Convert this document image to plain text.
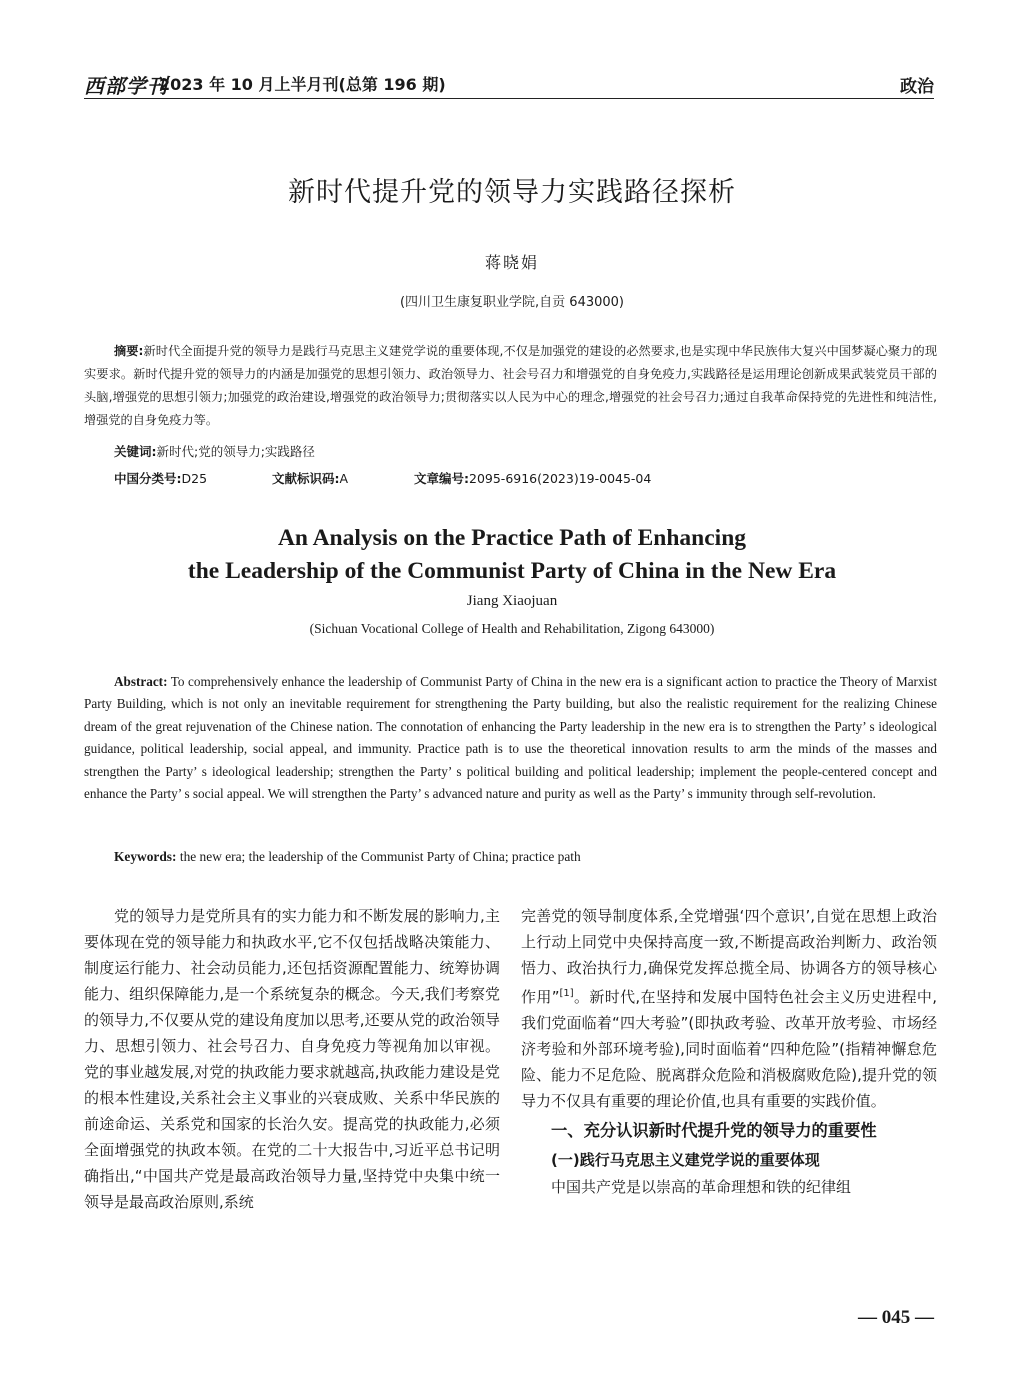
西部学刊
2023 年 10 月上半月刊(总第 196 期)	政治
新时代提升党的领导力实践路径探析
蒋晓娟
(四川卫生康复职业学院,自贡 643000)
摘要:新时代全面提升党的领导力是践行马克思主义建党学说的重要体现,不仅是加强党的建设的必然要求,也是实现中华民族伟大复兴中国梦凝心聚力的现实要求。新时代提升党的领导力的内涵是加强党的思想引领力、政治领导力、社会号召力和增强党的自身免疫力,实践路径是运用理论创新成果武装党员干部的头脑,增强党的思想引领力;加强党的政治建设,增强党的政治领导力;贯彻落实以人民为中心的理念,增强党的社会号召力;通过自我革命保持党的先进性和纯洁性,增强党的自身免疫力等。
关键词:新时代;党的领导力;实践路径
中国分类号:D25	文献标识码:A	文章编号:2095-6916(2023)19-0045-04
An Analysis on the Practice Path of Enhancing
the Leadership of the Communist Party of China in the New Era
Jiang Xiaojuan
(Sichuan Vocational College of Health and Rehabilitation, Zigong 643000)
Abstract: To comprehensively enhance the leadership of Communist Party of China in the new era is a significant action to practice the Theory of Marxist Party Building, which is not only an inevitable requirement for strengthening the Party building, but also the realistic requirement for the realizing Chinese dream of the great rejuvenation of the Chinese nation. The connotation of enhancing the Party leadership in the new era is to strengthen the Party’ s ideological guidance, political leadership, social appeal, and immunity. Practice path is to use the theoretical innovation results to arm the minds of the masses and strengthen the Party’ s ideological leadership; strengthen the Party’ s political building and political leadership; implement the people-centered concept and enhance the Party’ s social appeal. We will strengthen the Party’ s advanced nature and purity as well as the Party’ s immunity through self-revolution.
Keywords: the new era; the leadership of the Communist Party of China; practice path

党的领导力是党所具有的实力能力和不断发展的影响力,主要体现在党的领导能力和执政水平,它不仅包括战略决策能力、制度运行能力、社会动员能力,还包括资源配置能力、统筹协调能力、组织保障能力,是一个系统复杂的概念。今天,我们考察党的领导力,不仅要从党的建设角度加以思考,还要从党的政治领导力、思想引领力、社会号召力、自身免疫力等视角加以审视。党的事业越发展,对党的执政能力要求就越高,执政能力建设是党的根本性建设,关系社会主义事业的兴衰成败、关系中华民族的前途命运、关系党和国家的长治久安。提高党的执政能力,必须全面增强党的执政本领。在党的二十大报告中,习近平总书记明确指出,“中国共产党是最高政治领导力量,坚持党中央集中统一领导是最高政治原则,系统

完善党的领导制度体系,全党增强‘四个意识’,自觉在思想上政治上行动上同党中央保持高度一致,不断提高政治判断力、政治领悟力、政治执行力,确保党发挥总揽全局、协调各方的领导核心作用”[1]。新时代,在坚持和发展中国特色社会主义历史进程中,我们党面临着“四大考验”(即执政考验、改革开放考验、市场经济考验和外部环境考验),同时面临着“四种危险”(指精神懈怠危险、能力不足危险、脱离群众危险和消极腐败危险),提升党的领导力不仅具有重要的理论价值,也具有重要的实践价值。

一、充分认识新时代提升党的领导力的重要性
(一)践行马克思主义建党学说的重要体现

中国共产党是以崇高的革命理想和铁的纪律组

— 045 —
